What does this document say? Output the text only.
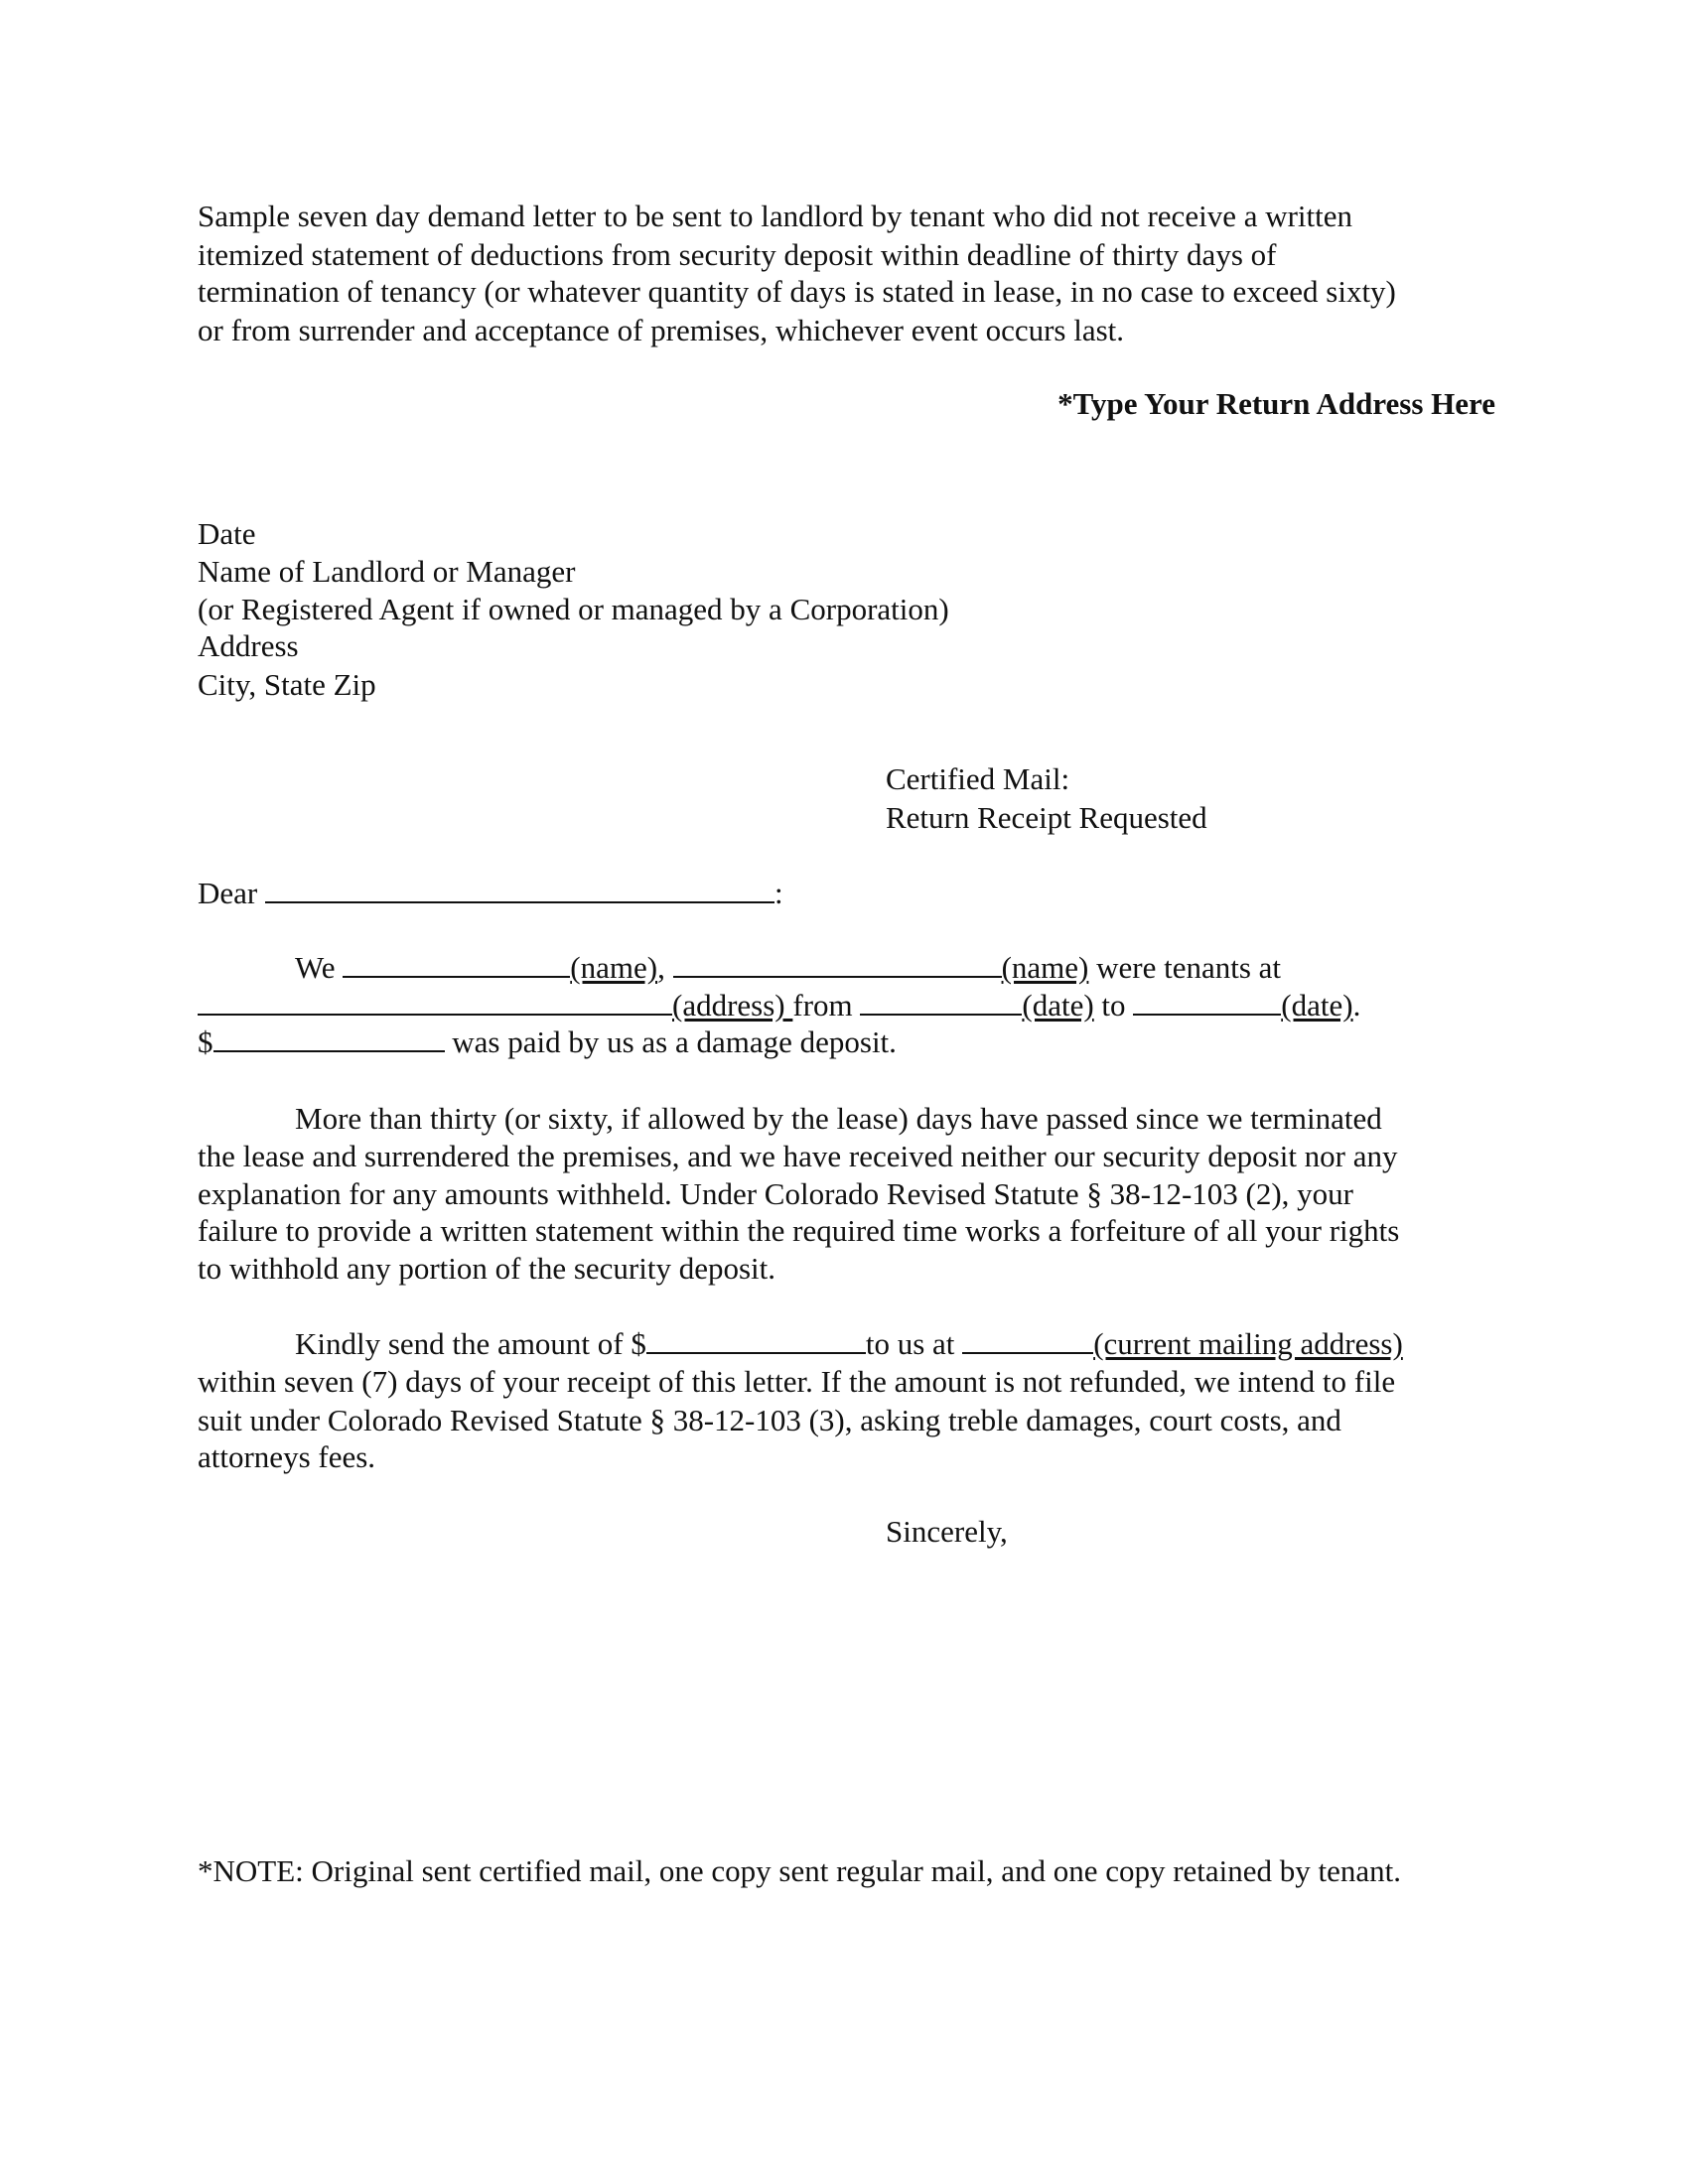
Sample seven day demand letter to be sent to landlord by tenant who did not receive a written
itemized statement of deductions from security deposit within deadline of thirty days of
termination of tenancy (or whatever quantity of days is stated in lease, in no case to exceed sixty)
or from surrender and acceptance of premises, whichever event occurs last.
*Type Your Return Address Here
Date
Name of Landlord or Manager
(or Registered Agent if owned or managed by a Corporation)
Address
City, State Zip
Certified Mail:
Return Receipt Requested
Dear	:
We	(name),	(name) were tenants at
(address) from	(date) to	(date).
$	was paid by us as a damage deposit.
More than thirty (or sixty, if allowed by the lease) days have passed since we terminated
the lease and surrendered the premises, and we have received neither our security deposit nor any
explanation for any amounts withheld. Under Colorado Revised Statute § 38-12-103 (2), your
failure to provide a written statement within the required time works a forfeiture of all your rights
to withhold any portion of the security deposit.
Kindly send the amount of $	to us at	(current mailing address)
within seven (7) days of your receipt of this letter. If the amount is not refunded, we intend to file
suit under Colorado Revised Statute § 38-12-103 (3), asking treble damages, court costs, and
attorneys fees.
Sincerely,
*NOTE: Original sent certified mail, one copy sent regular mail, and one copy retained by tenant.
